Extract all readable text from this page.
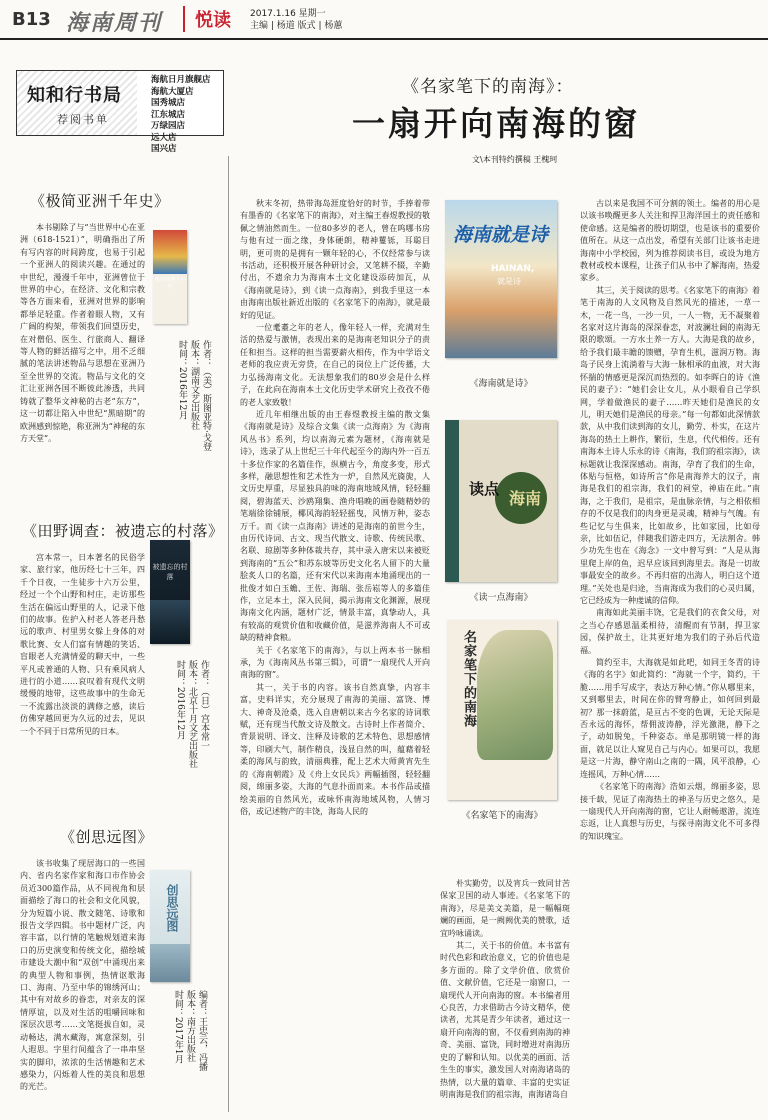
B13 海南周刊	悦读 2017.1.16 星期一
主编 | 杨道 版式 | 杨蕙
知和行书局
荐阅书单
海航日月旗舰店
海航大厦店
国秀城店
江东城店
万绿园店
远大店
国兴店
《极简亚洲千年史》
本书剔除了与“当世界中心在亚洲（618-1521）”，明确指出了所有写内容的时间跨度，也易于引起一个亚洲人的阅读兴趣。在通过的中世纪，漫漫千年中，亚洲曾位于世界的中心，在经济、文化和宗教等各方面来看，亚洲对世界的影响都举足轻重。作者着眼人物，又有广阔的构架，带领我们回望历史，在对僧侣、医生、行旅商人、翻译等人物的鲜活描写之中，用不乏细腻的笔法讲述物品与思想在亚洲乃至全世界的交流。物品与文化的交汇让亚洲各国不断彼此渗透，共同铸就了整华文神秘的古老“东方”，这一切都让陷入中世纪“黑暗期”的欧洲感到惊艳，称亚洲为“神秘的东方天堂”。
极简亚洲千年史
作者：（美）斯图亚特·戈登
版本：湖南文艺出版社
时间：2016年12月
《田野调查：被遗忘的村落》
宫本常一，日本著名的民俗学家、旅行家，他历经七十三年，四千个日夜，一生徒步十六万公里，经过一个个山野和村庄，走访那些生活在偏远山野里的人，记录下他们的故事。佐护入村老人答老丹愁远的歌声、村里男女躲上身体的对歌比赛、女人们富有情趣的笑话、盲眼老人充满情爱的聊天中，一些平凡或普通的人物、只有乘风病人进行的小道……哀叹着有现代文明缓慢的地带，这些故事中的生命无一不流露出淡淡的满修之感，读后仿佛穿越回更为久远的过去，见识一个不同于日常所见的日本。
被遗忘的村落
作者：（日）宫本常一
版本：北京十月文艺出版社
时间：2016年12月
《创思远图》
该书收集了现居海口的一些国内、省内名家作家和海口市作协会员近300篇作品，从不同视角和层面描绘了海口的社会和文化风貌，分为短篇小说、散文随笔、诗歌和报告文学四辑。书中题材广泛，内容丰富，以行情的笔触规划道来海口的历史演变和传统文化，描绘城市建设大潮中和“双创”中涌现出来的典型人物和事例，热情讴歌海口、海南、乃至中华的锦绣河山；其中有对故乡的眷恋，对亲友的深情厚谊，以及对生活的咀嚼回味和深层次思考……文笔挺拔自如，灵动畅达，满水藏海，寓意深刻，引人遐思。字里行间蕴含了一串串坚实的脚印，浓浓的生活情趣和艺术感染力，闪烁着人性的美良和思想的光芒。
创思远图
编者：王忠云，冯播
版本：南方出版社
时间：2017年1月
《名家笔下的南海》：
一扇开向南海的窗
文\本刊特约撰稿 王槐珂

秋末冬初，热带海岛涯度恰好的时节，手捧着带有墨香的《名家笔下的南海》，对主编王春煜教授的敬佩之情油然而生。一位80多岁的老人，曾在呜哪书房与他有过一面之缘，身体硬朗，精神矍铄，耳聪目明，更可贵的是拥有一颗年轻的心，不仅经常参与读书活动，还积极开展各种研讨会，又笔耕不辍，辛勤付出，不遗余力为海南本土文化建设添砖加瓦，从《海南就是诗》，到《读一点海南》，到我手里这一本由海南出版社新近出版的《名家笔下的南海》，就是最好的见证。

一位耄耋之年的老人，像年轻人一样，充满对生活的热爱与激情，表现出来的是海南老知识分子的责任和担当。这样的担当需要薪火相传，作为中学语文老师的我应责无旁贷，在自己的岗位上广泛传播，大力弘扬海南文化。无法想象我们的80岁会是什么样子，在此向在海南本土文化历史学术研究上孜孜不倦的老人家致敬！

近几年相继出版的由王春煜教授主编的散文集《海南就是诗》及综合文集《读一点海南》为《海南风丛书》系列，均以南海元素为题材，《海南就是诗》，选录了从上世纪三十年代起至今的海内外一百五十多位作家的名篇佳作，纵横古今，角度多变，形式多样，融思想性和艺术性为一炉，自然风光旖旎，人文历史厚重，尽显独具韵味的海南地域风情，轻轻翻阅，碧海蓝天、沙鸥翔集、渔舟唱晚的画卷随精妙的笔端徐徐铺展，椰风海韵轻轻摇曳，风情万种，姿态万千。而《读一点海南》讲述的是海南的前世今生，由历代诗词、古文、现当代散文、诗歌、传统民歌、名联、琼剧等多种体裁共存，其中录入唐宋以来被贬到海南的“五公”和苏东坡等历史文化名人留下的大量脍炙人口的名篇，还有宋代以来海南本地涌现出的一批俊才如白玉蟾、王佐、海瑞、张岳崧等人的多篇佳作，立足本土，深入民间，揭示海南文化渊源，展现海南文化内涵，题材广泛，情景丰富，真挚动人，具有较高的观赏价值和收藏价值，是滋养海南人不可或缺的精神食粮。

关于《名家笔下的南海》，与以上两本书一脉相承，为《海南风丛书第三辑》，可谓“一扇现代人开向南海的窗”。

其一，关于书的内容。该书自然真挚，内容丰富，史料详实，充分展现了南海的美丽、富饶、博大、神奇及沧桑，选入自唐朝以来古今名家的诗词歌赋，还有现当代散文诗及散文。古诗时上作者简介、背景说明、译文、注释及诗歌的艺术特色、思想感情等，印刷大气，制作精良，浅显自然的叫，蕴藉着轻柔的海风与韵致，清丽典雅，配上艺术大师黄宵先生的《海南朝霞》及《舟上女民兵》两幅插图，轻轻翻阅，绵丽多姿，大海的气息扑面而来。本书作品或描绘美丽的自然风光，或咏怀南海地域风物，人情习俗，或记述物产的丰饶，海岛人民的

海南就是诗
HAINAN,
就是诗
《海南就是诗》
读点 海南
《读一点海南》
名家笔下的南海
《名家笔下的南海》

朴实勤劳，以及宵兵一致同甘苦保家卫国的动人事迹。《名家笔下的南海》，尽是美文美篇，是一幅幅斑斓的画面，是一阙阙优美的赞歌，适宜吟咏诵读。

其二，关于书的价值。本书富有时代色彩和政治意义，它的价值也是多方面的。除了文学价值、欣赏价值、文献价值，它还是一扇窗口，一扇现代人开向南海的窗。本书编者用心良苦，力求借助古今诗文精华，使读者，尤其是青少年读者，通过这一扇开向南海的窗，不仅看到南海的神奇、美丽、富饶，同时增进对南海历史的了解和认知。以优美的画面、活生生的事实，激发国人对南海诸岛的热情，以大量的篇章、丰富的史实证明南海是我们的祖宗海，南海诸岛自

古以来是我国不可分割的领土。编者的用心是以该书唤醒更多人关注和捍卫海洋国土的责任感和使命感。这是编者的殷切期望，也是该书的重要价值所在。从这一点出发，希望有关部门让该书走进海南中小学校园，列为推荐阅读书目，或设为地方教材或校本课程，让孩子们从书中了解海南，热爱家乡。

其三，关于阅读的思考。《名家笔下的南海》着笔于南海的人文风物及自然风光的描述，一草一木，一花一鸟，一沙一贝，一人一物，无不凝聚着名家对这片海岛的深深眷恋，对波澜壮阔的南海无限的歌颂。一方水土养一方人。大海是我的故乡，给予我们最丰瞻的馈赠，孕育生机，滋润万物。海岛子民身上流淌着与大海一脉相承的血液，对大海怀揣的情感更是深沉而热烈的。如李晖白的诗《渔民的妻子》：“她们会让女儿，从小眼看自己学织网，学着做渔民的妻子……昨天她们是渔民的女儿，明天她们是渔民的母亲。”每一句都如此深情款款，从中我们读到海的女儿，勤劳、朴实，在这片海岛的热土上耕作，繁衍，生息，代代相传。还有南海本土诗人乐永的诗《南海，我们的祖宗海》，读标题就让我深深感动。南海，孕育了我们的生命，体贴与恒格，如诗所言“你是南海养大的汉子，南海是我们的祖宗海，我们的祠堂，神庙在此。”南海，之于我们，是祖宗，是血脉亲情，与之相依相存的不仅是我们的肉身更是灵魂，精神与气魄。有些记忆与生俱来，比如故乡，比如家园，比如母亲，比如伍记，伴随我们游走四方，无法割舍。韩少功先生也在《海念》一文中曾写到：“人是从海里爬上岸的鱼，迟早应该回到海里去。海是一切故事最安全的故乡。不再归宿的出海人，明白这个道理。”关处也是归途，当南海成为我们的心灵归属，它已经成为一种虔诚的信仰。

南海如此美丽丰饶，它是我们的衣食父母，对之当心存感恩温柔相待，清醒而有节制，捍卫家园，保护故土，让其更好地为我们的子孙后代造福。

简约至丰，大海就是如此吧，如同王冬青的诗《海的名字》如此简约：“海就一个字，简约，干脆……用手写成字，表达万种心情。”你从哪里来，又到哪里去，时间在你的臂弯静止，如何回到最初？那一抹蔚蓝，是亘古不变的色调，无论天际是否永远的海怀，帮佣波涛静，浮光激滟，静下之子，动如脱兔，千种姿态。单是那明镜一样的海面，就足以让人窥见自己与内心。如果可以，我愿是这一片海，静守南山之南的一隅，风平浪静，心连摇风，万种心情……

《名家笔下的南海》浩如云烟，绵丽多姿，思接千载，见证了南海热土的神圣与历史之悠久，是一扇现代人开向南海的窗，它让人耐畅遨游，流连忘返，让人真想与历史，与探寻南海文化不可多得的知识瑰宝。
